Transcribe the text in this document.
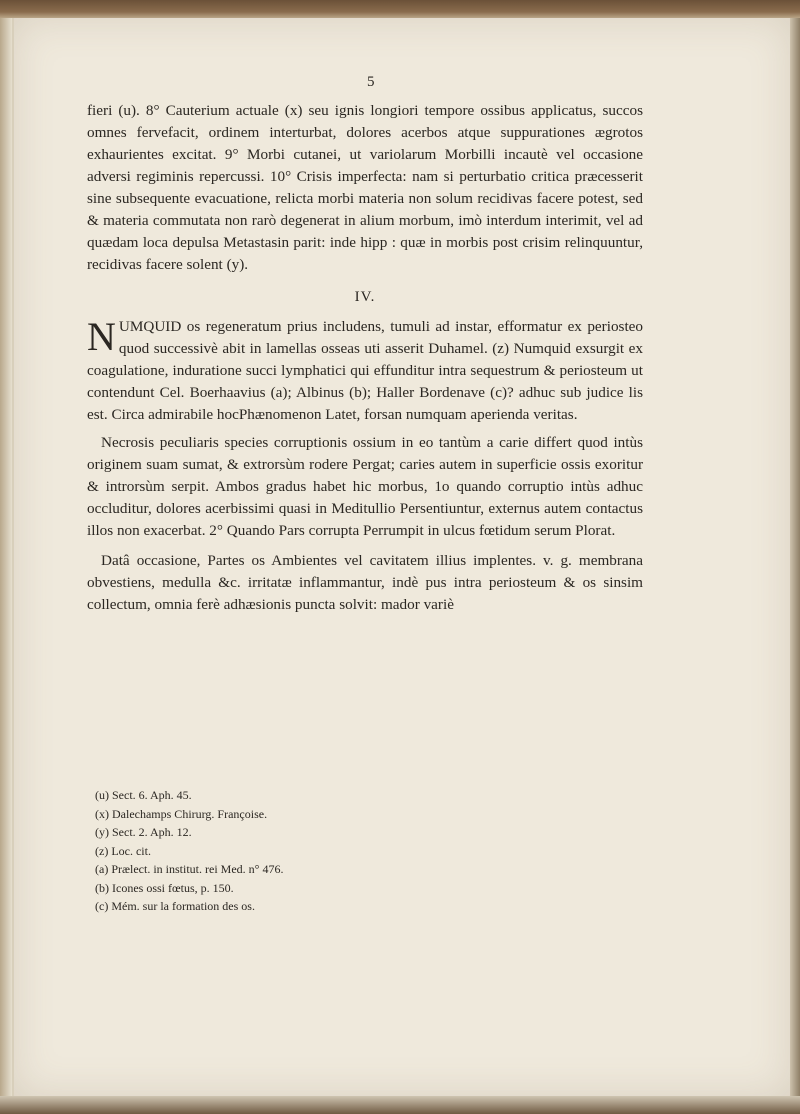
5

fieri (u). 8° Cauterium actuale (x) seu ignis longiori tempore ossibus applicatus, succos omnes fervefacit, ordinem interturbat, dolores acerbos atque suppurationes ægrotos exhaurientes excitat. 9° Morbi cutanei, ut variolarum Morbilli incautè vel occasione adversi regiminis repercussi. 10° Crisis imperfecta: nam si perturbatio critica præcesserit sine subsequente evacuatione, relicta morbi materia non solum recidivas facere potest, sed & materia commutata non rarò degenerat in alium morbum, imò interdum interimit, vel ad quædam loca depulsa Metastasin parit: inde hipp : quæ in morbis post crisim relinquuntur, recidivas facere solent (y).

IV.
N UMQUID os regeneratum prius includens, tumuli ad instar, efformatur ex periosteo quod successivè abit in lamellas osseas uti asserit Duhamel. (z) Numquid exsurgit ex coagulatione, induratione succi lymphatici qui effunditur intra sequestrum & periosteum ut contendunt Cel. Boerhaavius (a); Albinus (b); Haller Bordenave (c)? adhuc sub judice lis est. Circa admirabile hocPhænomenon Latet, forsan numquam aperienda veritas.

Necrosis peculiaris species corruptionis ossium in eo tantùm a carie differt quod intùs originem suam sumat, & extrorsùm rodere Pergat; caries autem in superficie ossis exoritur & introrsùm serpit. Ambos gradus habet hic morbus, 1o quando corruptio intùs adhuc occluditur, dolores acerbissimi quasi in Meditullio Persentiuntur, externus autem contactus illos non exacerbat. 2° Quando Pars corrupta Perrumpit in ulcus fœtidum serum Plorat.

Datâ occasione, Partes os Ambientes vel cavitatem illius implentes. v. g. membrana obvestiens, medulla &c. irritatæ inflammantur, indè pus intra periosteum & os sinsim collectum, omnia ferè adhæsionis puncta solvit: mador variè

(u) Sect. 6. Aph. 45.
(x) Dalechamps Chirurg. Françoise.
(y) Sect. 2. Aph. 12.
(z) Loc. cit.
(a) Prælect. in institut. rei Med. n° 476.
(b) Icones ossi fœtus, p. 150.
(c) Mém. sur la formation des os.
